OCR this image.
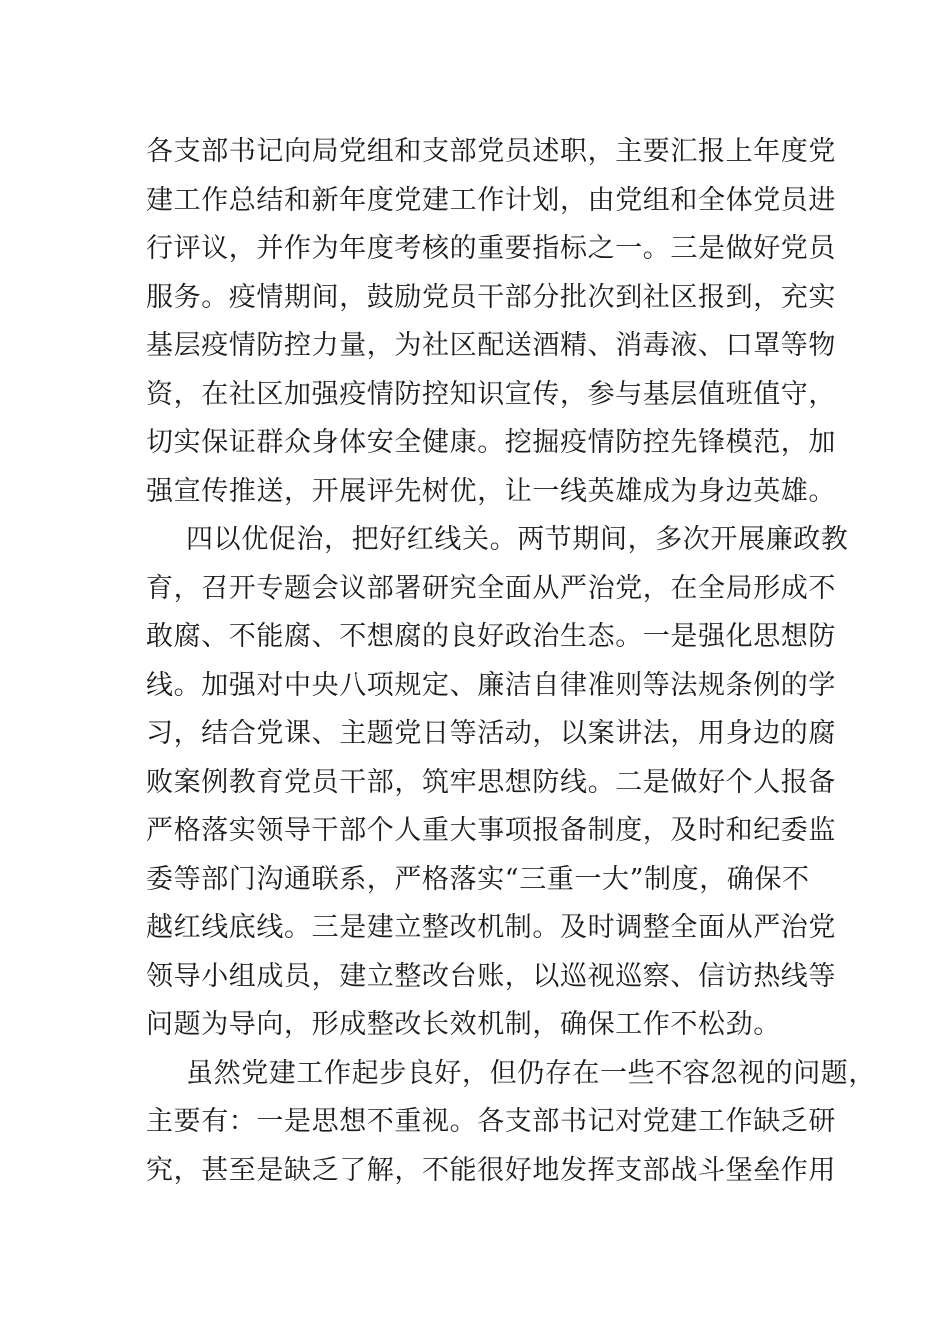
各支部书记向局党组和支部党员述职，主要汇报上年度党
建工作总结和新年度党建工作计划，由党组和全体党员进
行评议，并作为年度考核的重要指标之一。三是做好党员
服务。疫情期间，鼓励党员干部分批次到社区报到，充实
基层疫情防控力量，为社区配送酒精、消毒液、口罩等物
资，在社区加强疫情防控知识宣传，参与基层值班值守，
切实保证群众身体安全健康。挖掘疫情防控先锋模范，加
强宣传推送，开展评先树优，让一线英雄成为身边英雄。
四以优促治，把好红线关。两节期间，多次开展廉政教
育，召开专题会议部署研究全面从严治党，在全局形成不
敢腐、不能腐、不想腐的良好政治生态。一是强化思想防
线。加强对中央八项规定、廉洁自律准则等法规条例的学
习，结合党课、主题党日等活动，以案讲法，用身边的腐
败案例教育党员干部，筑牢思想防线。二是做好个人报备
严格落实领导干部个人重大事项报备制度，及时和纪委监
委等部门沟通联系，严格落实“三重一大”制度，确保不
越红线底线。三是建立整改机制。及时调整全面从严治党
领导小组成员，建立整改台账，以巡视巡察、信访热线等
问题为导向，形成整改长效机制，确保工作不松劲。
虽然党建工作起步良好，但仍存在一些不容忽视的问题，
主要有：一是思想不重视。各支部书记对党建工作缺乏研
究，甚至是缺乏了解，不能很好地发挥支部战斗堡垒作用
